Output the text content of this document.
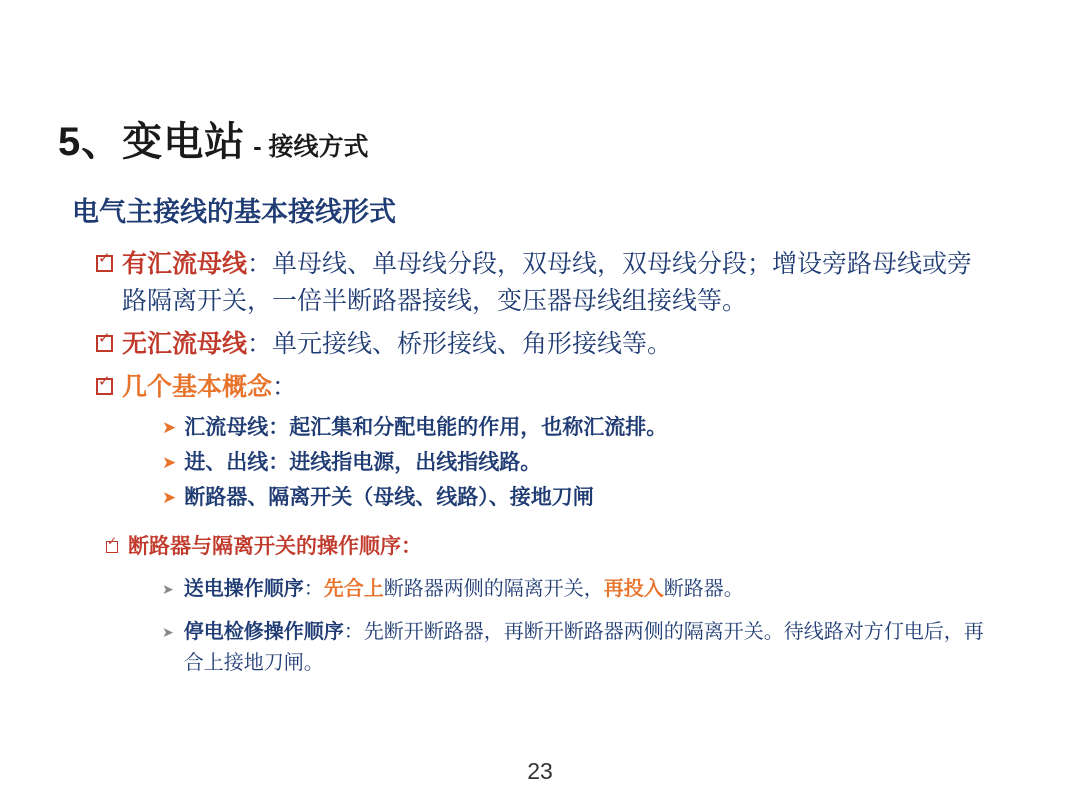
5、变电站 - 接线方式
电气主接线的基本接线形式
✓
有汇流母线：单母线、单母线分段，双母线，双母线分段；增设旁路母线或旁路隔离开关，一倍半断路器接线，变压器母线组接线等。
✓
无汇流母线：单元接线、桥形接线、角形接线等。
✓
几个基本概念：
➤ 汇流母线：起汇集和分配电能的作用，也称汇流排。
➤ 进、出线：进线指电源，出线指线路。
➤ 断路器、隔离开关（母线、线路）、接地刀闸
✓
断路器与隔离开关的操作顺序：
➤ 送电操作顺序：先合上断路器两侧的隔离开关，再投入断路器。
➤ 停电检修操作顺序：先断开断路器，再断开断路器两侧的隔离开关。待线路对方仃电后，再合上接地刀闸。
23
